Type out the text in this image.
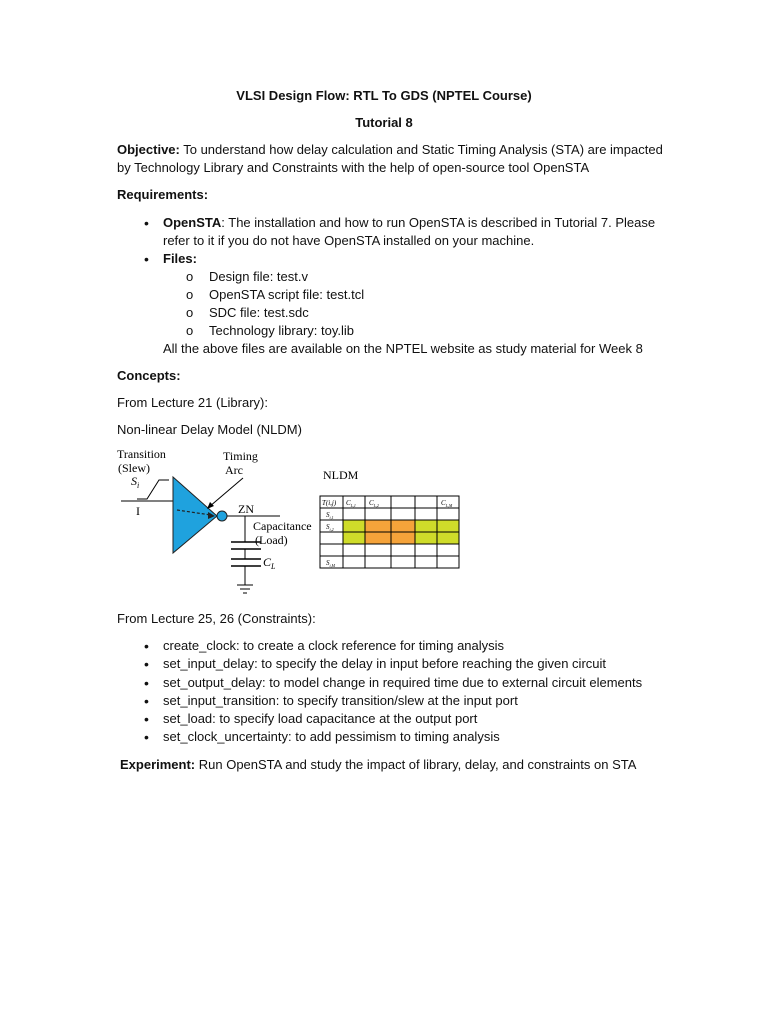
VLSI Design Flow: RTL To GDS (NPTEL Course)
Tutorial 8
Objective: To understand how delay calculation and Static Timing Analysis (STA) are impacted
by Technology Library and Constraints with the help of open-source tool OpenSTA
Requirements:
• OpenSTA: The installation and how to run OpenSTA is described in Tutorial 7. Please
refer to it if you do not have OpenSTA installed on your machine.
• Files:
o Design file: test.v
o OpenSTA script file: test.tcl
o SDC file: test.sdc
o Technology library: toy.lib
All the above files are available on the NPTEL website as study material for Week 8
Concepts:
From Lecture 21 (Library):
Non-linear Delay Model (NLDM)
Transition
(Slew)
$S_i$
Timing
Arc
I	ZN
Capacitance
(Load)
$C_L$
NLDM
T(i,j) $C_{L,1}$ $C_{L,2}$	$C_{L,M}$
$S_{i,1}$
$S_{i,2}$
$S_{i,M}$
From Lecture 25, 26 (Constraints):
• create_clock: to create a clock reference for timing analysis
• set_input_delay: to specify the delay in input before reaching the given circuit
• set_output_delay: to model change in required time due to external circuit elements
• set_input_transition: to specify transition/slew at the input port
• set_load: to specify load capacitance at the output port
• set_clock_uncertainty: to add pessimism to timing analysis
Experiment: Run OpenSTA and study the impact of library, delay, and constraints on STA
